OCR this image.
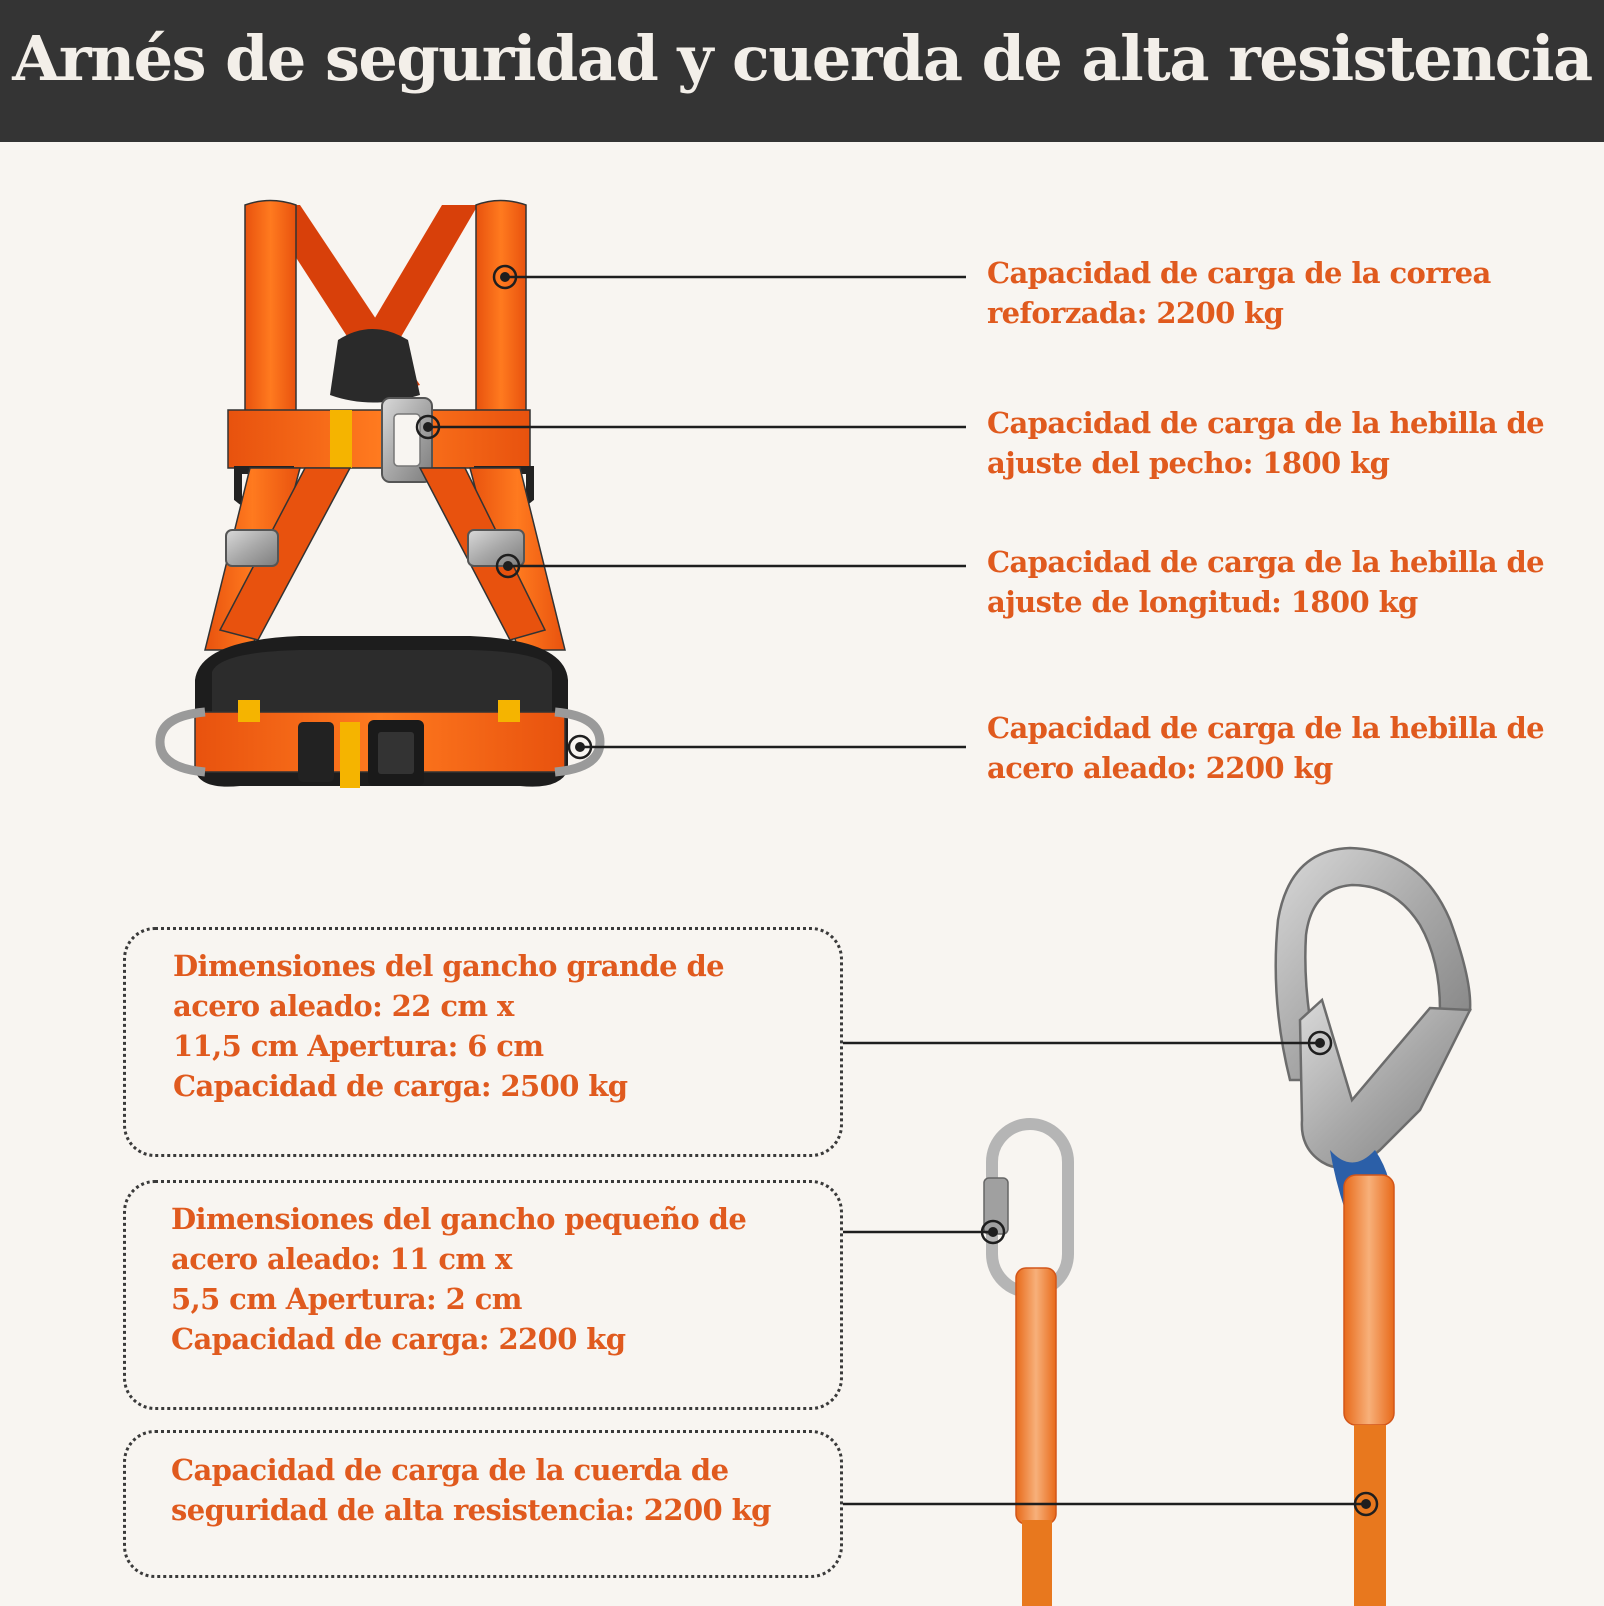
Arnés de seguridad y cuerda de alta resistencia
Capacidad de carga de la correa
reforzada: 2200 kg
Capacidad de carga de la hebilla de
ajuste del pecho: 1800 kg
Capacidad de carga de la hebilla de
ajuste de longitud: 1800 kg
Capacidad de carga de la hebilla de
acero aleado: 2200 kg
Dimensiones del gancho grande de
acero aleado: 22 cm x
11,5 cm Apertura: 6 cm
Capacidad de carga: 2500 kg
Dimensiones del gancho pequeño de
acero aleado: 11 cm x
5,5 cm Apertura: 2 cm
Capacidad de carga: 2200 kg
Capacidad de carga de la cuerda de
seguridad de alta resistencia: 2200 kg
